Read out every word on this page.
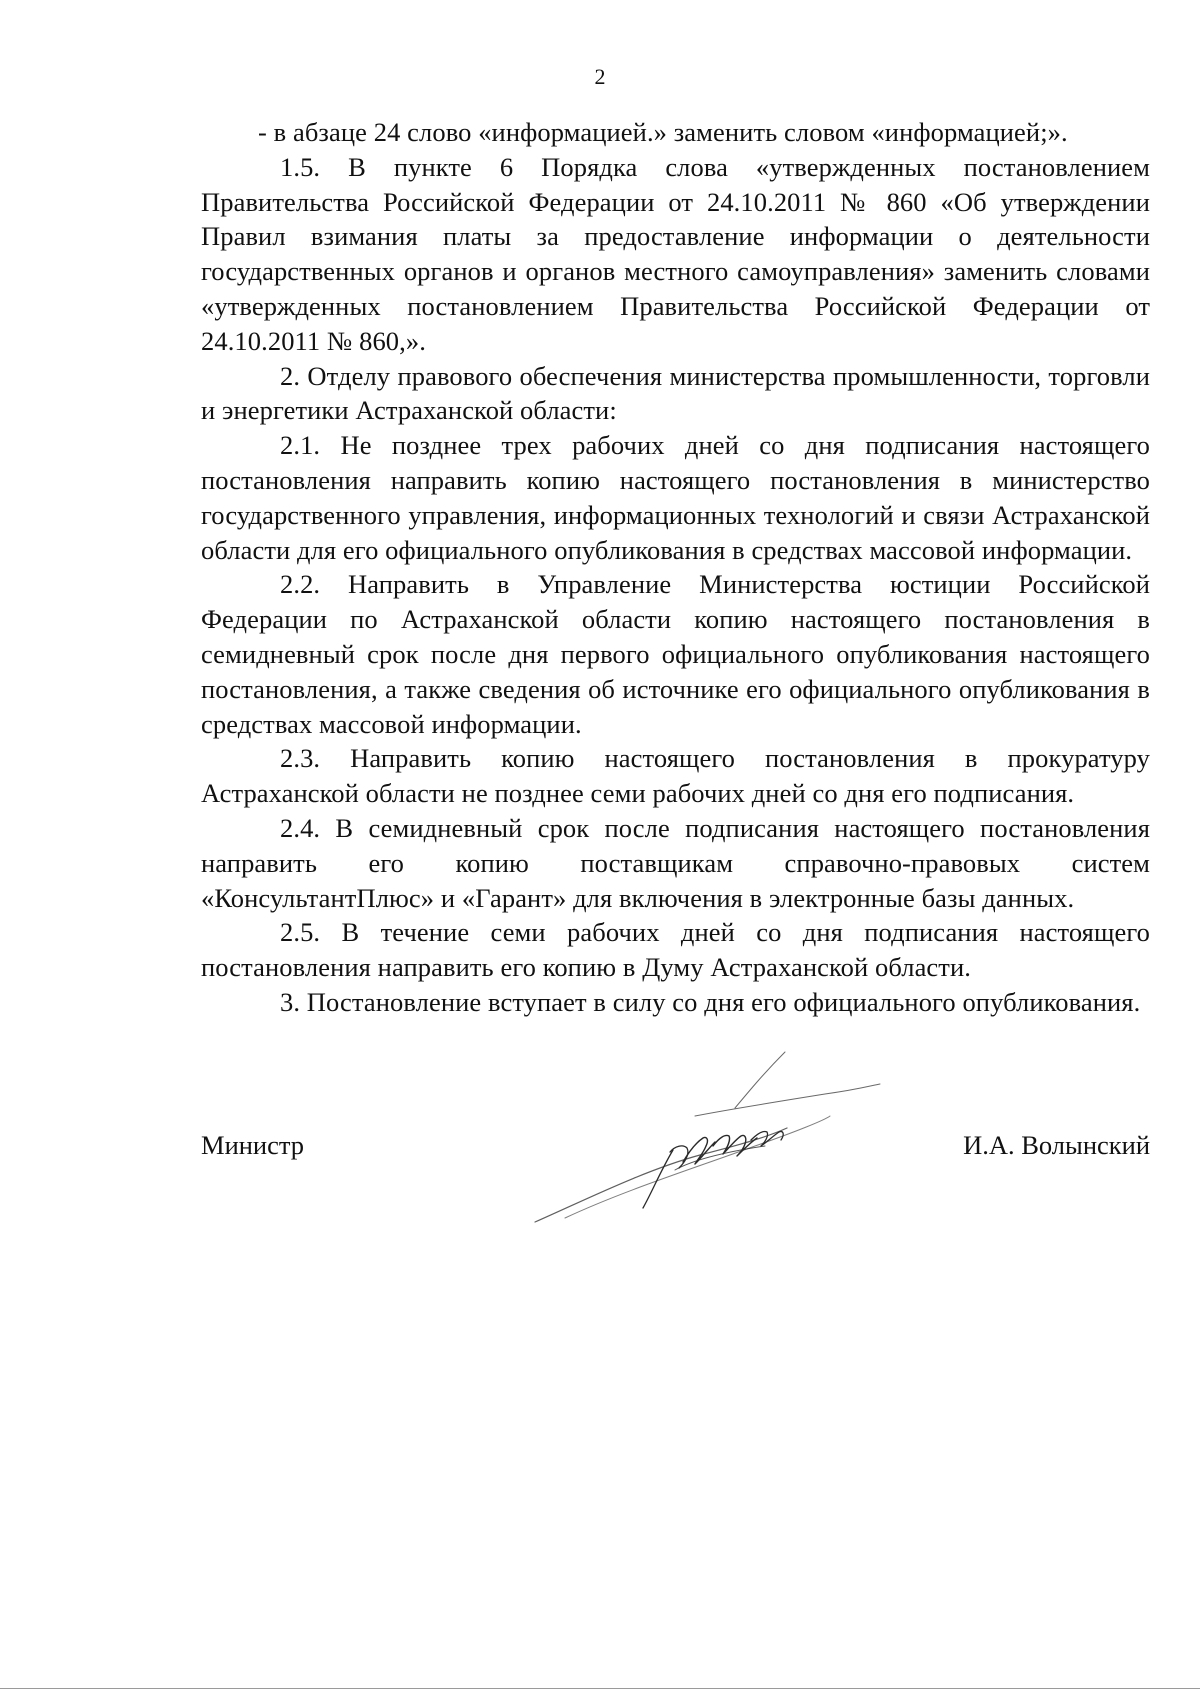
2

- в абзаце 24 слово «информацией.» заменить словом «информацией;».

1.5. В пункте 6 Порядка слова «утвержденных постановлением Правительства Российской Федерации от 24.10.2011 № 860 «Об утверждении Правил взимания платы за предоставление информации о деятельности государственных органов и органов местного самоуправления» заменить словами «утвержденных постановлением Правительства Российской Федерации от 24.10.2011 № 860,».

2. Отделу правового обеспечения министерства промышленности, торговли и энергетики Астраханской области:

2.1. Не позднее трех рабочих дней со дня подписания настоящего постановления направить копию настоящего постановления в министерство государственного управления, информационных технологий и связи Астраханской области для его официального опубликования в средствах массовой информации.

2.2. Направить в Управление Министерства юстиции Российской Федерации по Астраханской области копию настоящего постановления в семидневный срок после дня первого официального опубликования настоящего постановления, а также сведения об источнике его официального опубликования в средствах массовой информации.

2.3. Направить копию настоящего постановления в прокуратуру Астраханской области не позднее семи рабочих дней со дня его подписания.

2.4. В семидневный срок после подписания настоящего постановления направить его копию поставщикам справочно-правовых систем «КонсультантПлюс» и «Гарант» для включения в электронные базы данных.

2.5. В течение семи рабочих дней со дня подписания настоящего постановления направить его копию в Думу Астраханской области.

3. Постановление вступает в силу со дня его официального опубликования.

Министр	И.А. Волынский
